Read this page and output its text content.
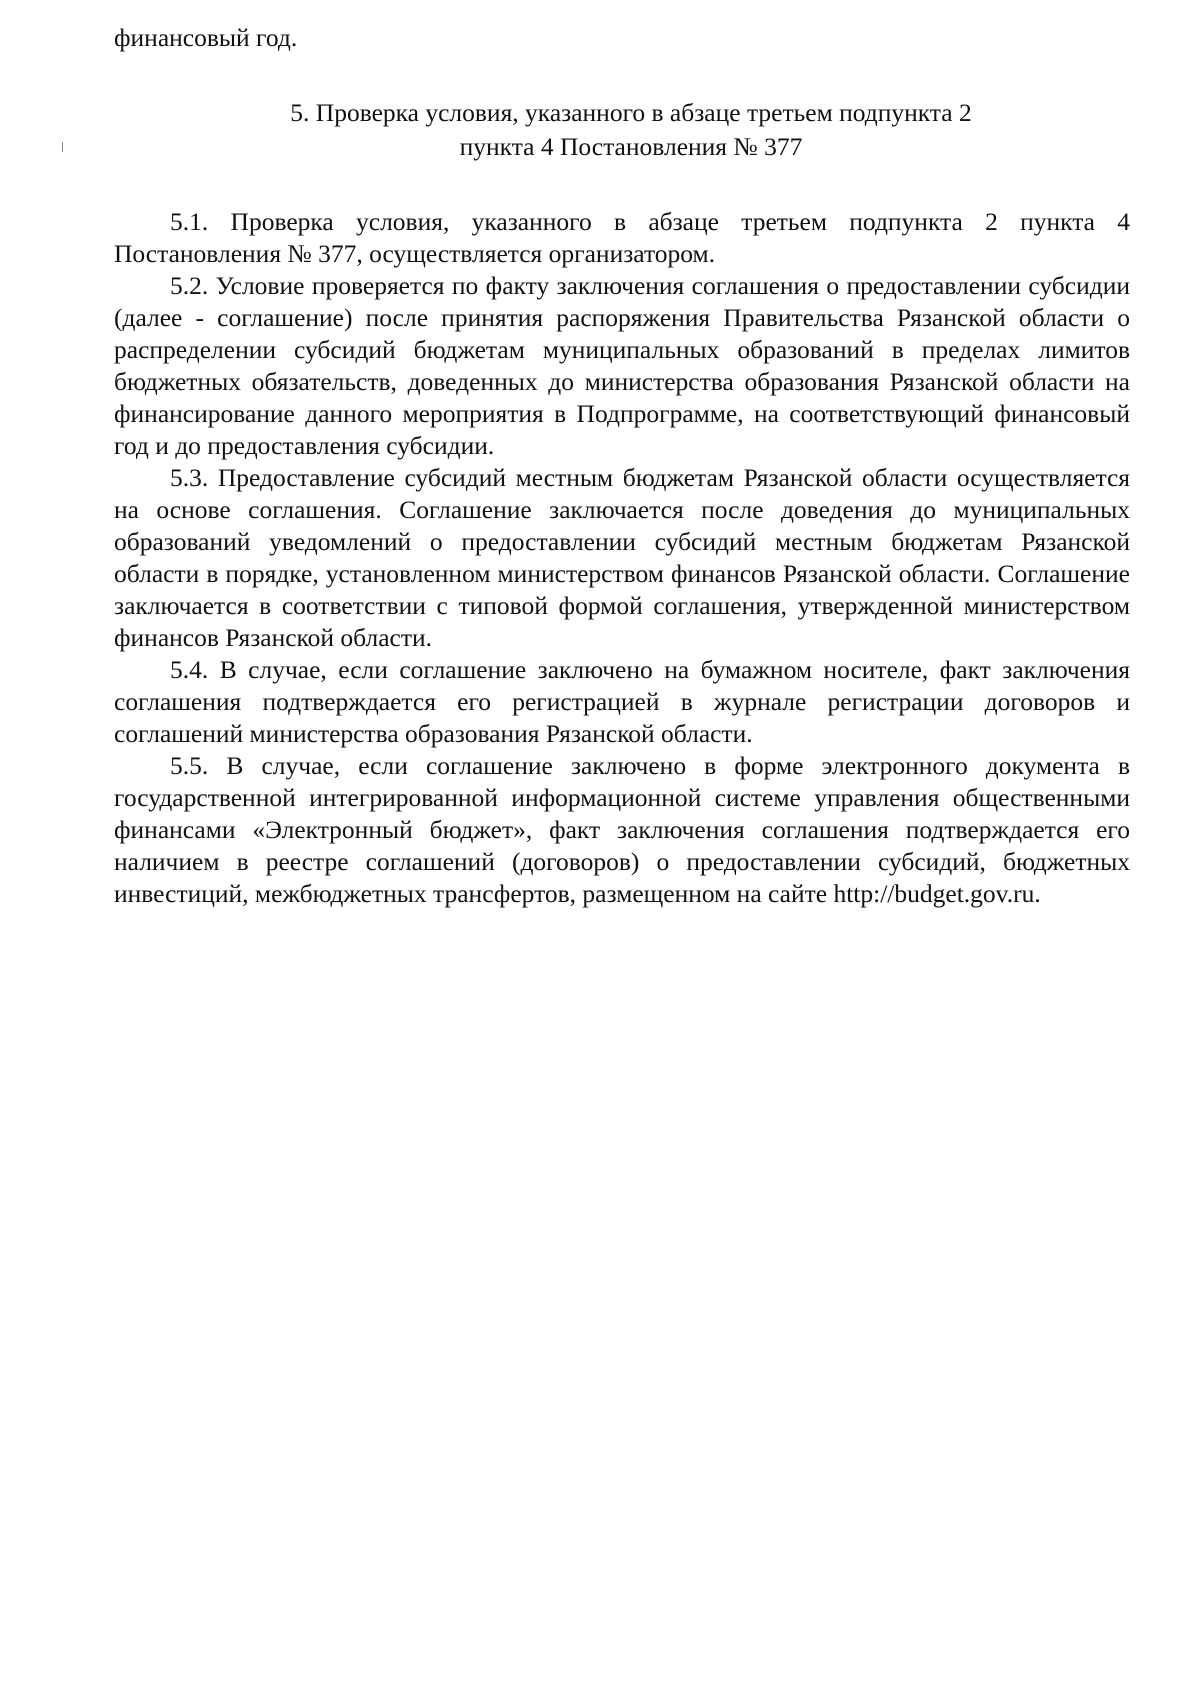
финансовый год.

5. Проверка условия, указанного в абзаце третьем подпункта 2
пункта 4 Постановления № 377

5.1. Проверка условия, указанного в абзаце третьем подпункта 2 пункта 4 Постановления № 377, осуществляется организатором.

5.2. Условие проверяется по факту заключения соглашения о предоставлении субсидии (далее - соглашение) после принятия распоряжения Правительства Рязанской области о распределении субсидий бюджетам муниципальных образований в пределах лимитов бюджетных обязательств, доведенных до министерства образования Рязанской области на финансирование данного мероприятия в Подпрограмме, на соответствующий финансовый год и до предоставления субсидии.

5.3. Предоставление субсидий местным бюджетам Рязанской области осуществляется на основе соглашения. Соглашение заключается после доведения до муниципальных образований уведомлений о предоставлении субсидий местным бюджетам Рязанской области в порядке, установленном министерством финансов Рязанской области. Соглашение заключается в соответствии с типовой формой соглашения, утвержденной министерством финансов Рязанской области.

5.4. В случае, если соглашение заключено на бумажном носителе, факт заключения соглашения подтверждается его регистрацией в журнале регистрации договоров и соглашений министерства образования Рязанской области.

5.5. В случае, если соглашение заключено в форме электронного документа в государственной интегрированной информационной системе управления общественными финансами «Электронный бюджет», факт заключения соглашения подтверждается его наличием в реестре соглашений (договоров) о предоставлении субсидий, бюджетных инвестиций, межбюджетных трансфертов, размещенном на сайте http://budget.gov.ru.
